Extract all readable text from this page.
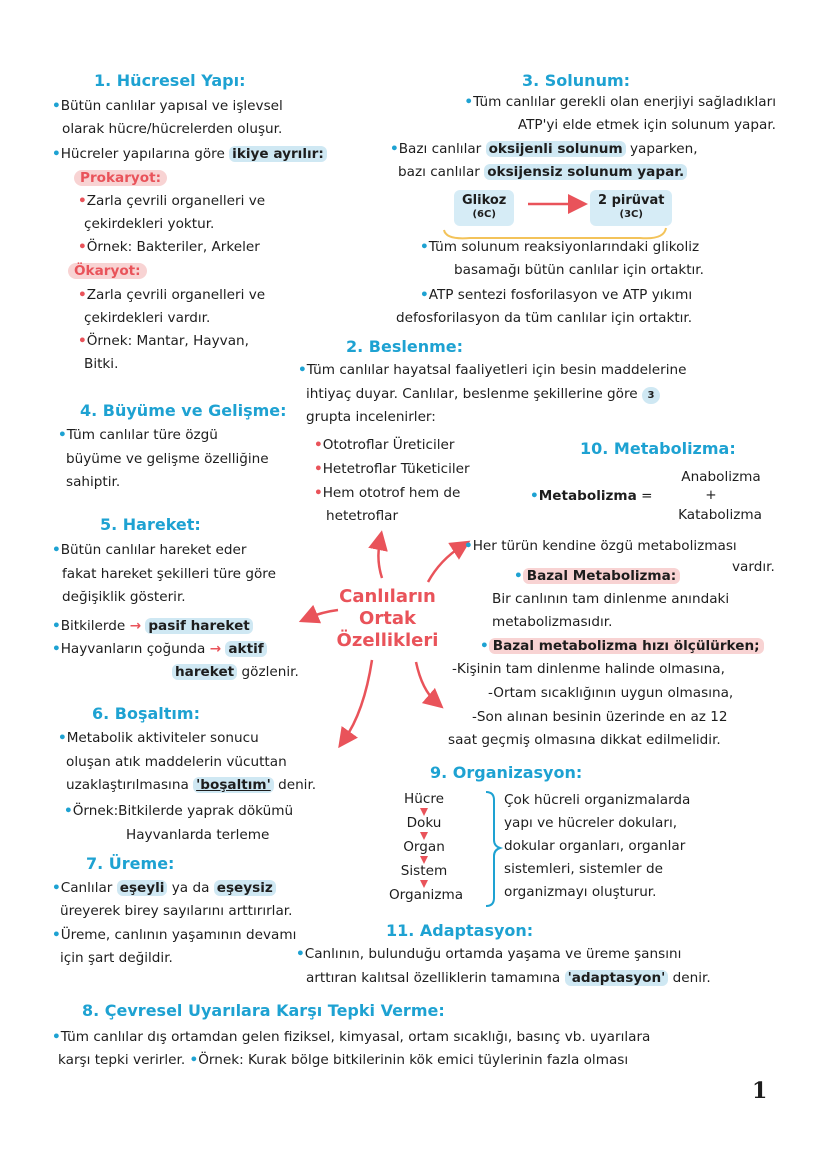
Canlıların
Ortak
Özellikleri
1. Hücresel Yapı:
•Bütün canlılar yapısal ve işlevsel
olarak hücre/hücrelerden oluşur.
•Hücreler yapılarına göre ikiye ayrılır:
Prokaryot:
•Zarla çevrili organelleri ve
çekirdekleri yoktur.
•Örnek: Bakteriler, Arkeler
Ökaryot:
•Zarla çevrili organelleri ve
çekirdekleri vardır.
•Örnek: Mantar, Hayvan,
Bitki.
3. Solunum:
•Tüm canlılar gerekli olan enerjiyi sağladıkları
ATP'yi elde etmek için solunum yapar.
•Bazı canlılar oksijenli solunum yaparken,
bazı canlılar oksijensiz solunum yapar.
Glikoz
(6C)
2 pirüvat
(3C)
•Tüm solunum reaksiyonlarındaki glikoliz
basamağı bütün canlılar için ortaktır.
•ATP sentezi fosforilasyon ve ATP yıkımı
defosforilasyon da tüm canlılar için ortaktır.
2. Beslenme:
•Tüm canlılar hayatsal faaliyetleri için besin maddelerine
ihtiyaç duyar. Canlılar, beslenme şekillerine göre 3
grupta incelenirler:
•Ototroflar Üreticiler
•Hetetroflar Tüketiciler
•Hem ototrof hem de
hetetroflar
4. Büyüme ve Gelişme:
•Tüm canlılar türe özgü
büyüme ve gelişme özelliğine
sahiptir.
10. Metabolizma:
Anabolizma
+
Katabolizma
•Metabolizma =
•Her türün kendine özgü metabolizması
vardır.
• Bazal Metabolizma:
Bir canlının tam dinlenme anındaki
metabolizmasıdır.
• Bazal metabolizma hızı ölçülürken;
-Kişinin tam dinlenme halinde olmasına,
-Ortam sıcaklığının uygun olmasına,
-Son alınan besinin üzerinde en az 12
saat geçmiş olmasına dikkat edilmelidir.
5. Hareket:
•Bütün canlılar hareket eder
fakat hareket şekilleri türe göre
değişiklik gösterir.
•Bitkilerde → pasif hareket
•Hayvanların çoğunda → aktif
hareket gözlenir.
6. Boşaltım:
•Metabolik aktiviteler sonucu
oluşan atık maddelerin vücuttan
uzaklaştırılmasına 'boşaltım' denir.
•Örnek:Bitkilerde yaprak dökümü
Hayvanlarda terleme
9. Organizasyon:
Hücre
Doku
Organ
Sistem
Organizma
Çok hücreli organizmalarda
yapı ve hücreler dokuları,
dokular organları, organlar
sistemleri, sistemler de
organizmayı oluşturur.
7. Üreme:
•Canlılar eşeyli ya da eşeysiz
üreyerek birey sayılarını arttırırlar.
•Üreme, canlının yaşamının devamı
için şart değildir.
11. Adaptasyon:
•Canlının, bulunduğu ortamda yaşama ve üreme şansını
arttıran kalıtsal özelliklerin tamamına 'adaptasyon' denir.
8. Çevresel Uyarılara Karşı Tepki Verme:
•Tüm canlılar dış ortamdan gelen fiziksel, kimyasal, ortam sıcaklığı, basınç vb. uyarılara
karşı tepki verirler. •Örnek: Kurak bölge bitkilerinin kök emici tüylerinin fazla olması
1
